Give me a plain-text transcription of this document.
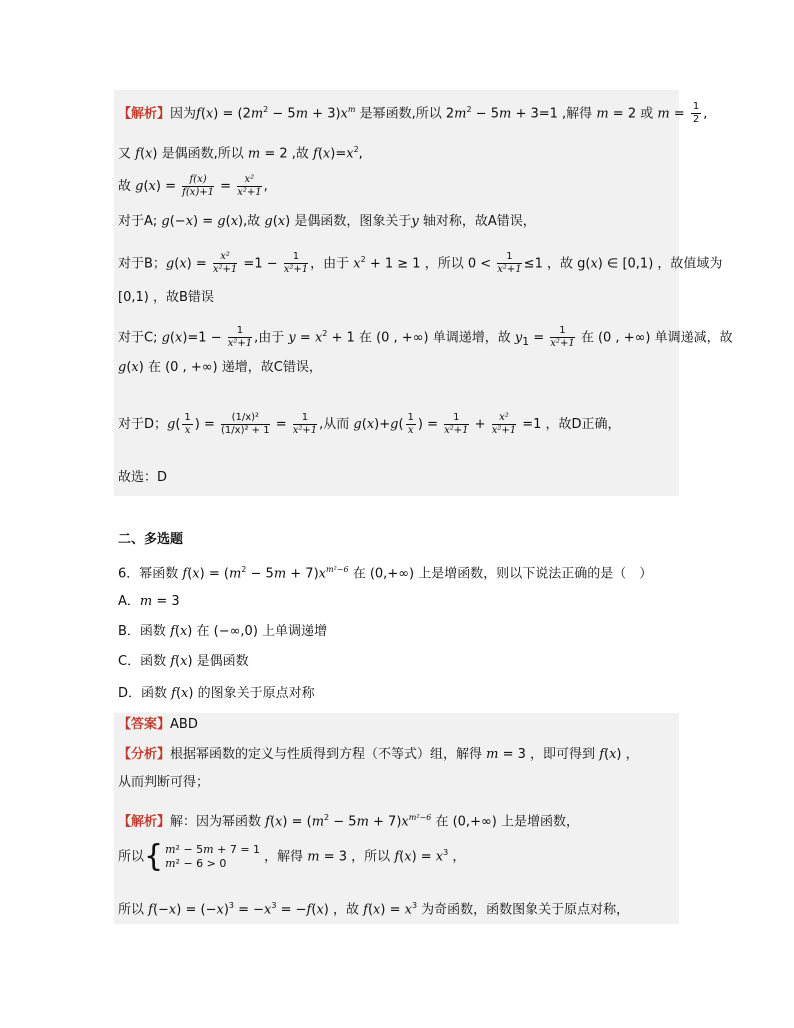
【解析】因为$f(x) = (2m^2 - 5m + 3)x^m$ 是幂函数,所以 $2m^2 - 5m + 3=1$ ,解得 m = 2 或 $m = \frac{1}{2}$ ,
又 f(x) 是偶函数,所以 m = 2 ,故 $f(x)=x^2$,
故 $g(x) = \frac{f(x)}{f(x)+1} = \frac{\text{x²}}{\text{x²+1}}$ ,
对于A; g(−x) = g(x),故 g(x) 是偶函数，图象关于y 轴对称，故A错误，
对于B；$g(x) = \frac{\text{x²}}{\text{x²+1}} =1 - \frac{1}{\text{x²+1}}$ ，由于 $x^2 + 1 \ge 1$ ，所以 $0 < \frac{1}{\text{x²+1}} \le 1$ ，故 g(x) ∈ [0,1) ，故值域为
[0,1) ，故B错误
对于C; $g(x)=1 - \frac{1}{\text{x²+1}}$ ,由于 $y = x^2 + 1$ 在 (0 , +∞) 单调递增，故 $y_1 = \frac{1}{\text{x²+1}}$ 在 (0 , +∞) 单调递减，故
g(x) 在 (0 , +∞) 递增，故C错误，
对于D；$g( \frac{1}{x}$ ) = $\frac{\text{(1/x)²}}{\text{(1/x)² + 1}} = \frac{1}{\text{x²+1}}$ ,从而 $g(x)+g( \frac{1}{x}$ ) = $\frac{1}{\text{x²+1}} + \frac{\text{x²}}{\text{x²+1}} =1$ ，故D正确，
故选：D
二、多选题
6．幂函数 $f(x) = (m^2 - 5m + 7)x^{m^2-6}$ 在 (0,+∞) 上是增函数，则以下说法正确的是（　）
A．m = 3
B．函数 f(x) 在 (−∞,0) 上单调递增
C．函数 f(x) 是偶函数
D．函数 f(x) 的图象关于原点对称
【答案】ABD
【分析】根据幂函数的定义与性质得到方程（不等式）组，解得 m = 3 ，即可得到 f(x) ，
从而判断可得；
【解析】解：因为幂函数 $f(x) = (m^2 - 5m + 7)x^{m^2-6}$ 在 (0,+∞) 上是增函数，
所以{ m² − 5m + 7 = 1
m² − 6 > 0	，解得 m = 3 ，所以 $f(x) = x^3$ ，
所以 $f(-x) = (-x)^3 = -x^3 = -f(x)$ ，故 $f(x) = x^3$ 为奇函数，函数图象关于原点对称，
